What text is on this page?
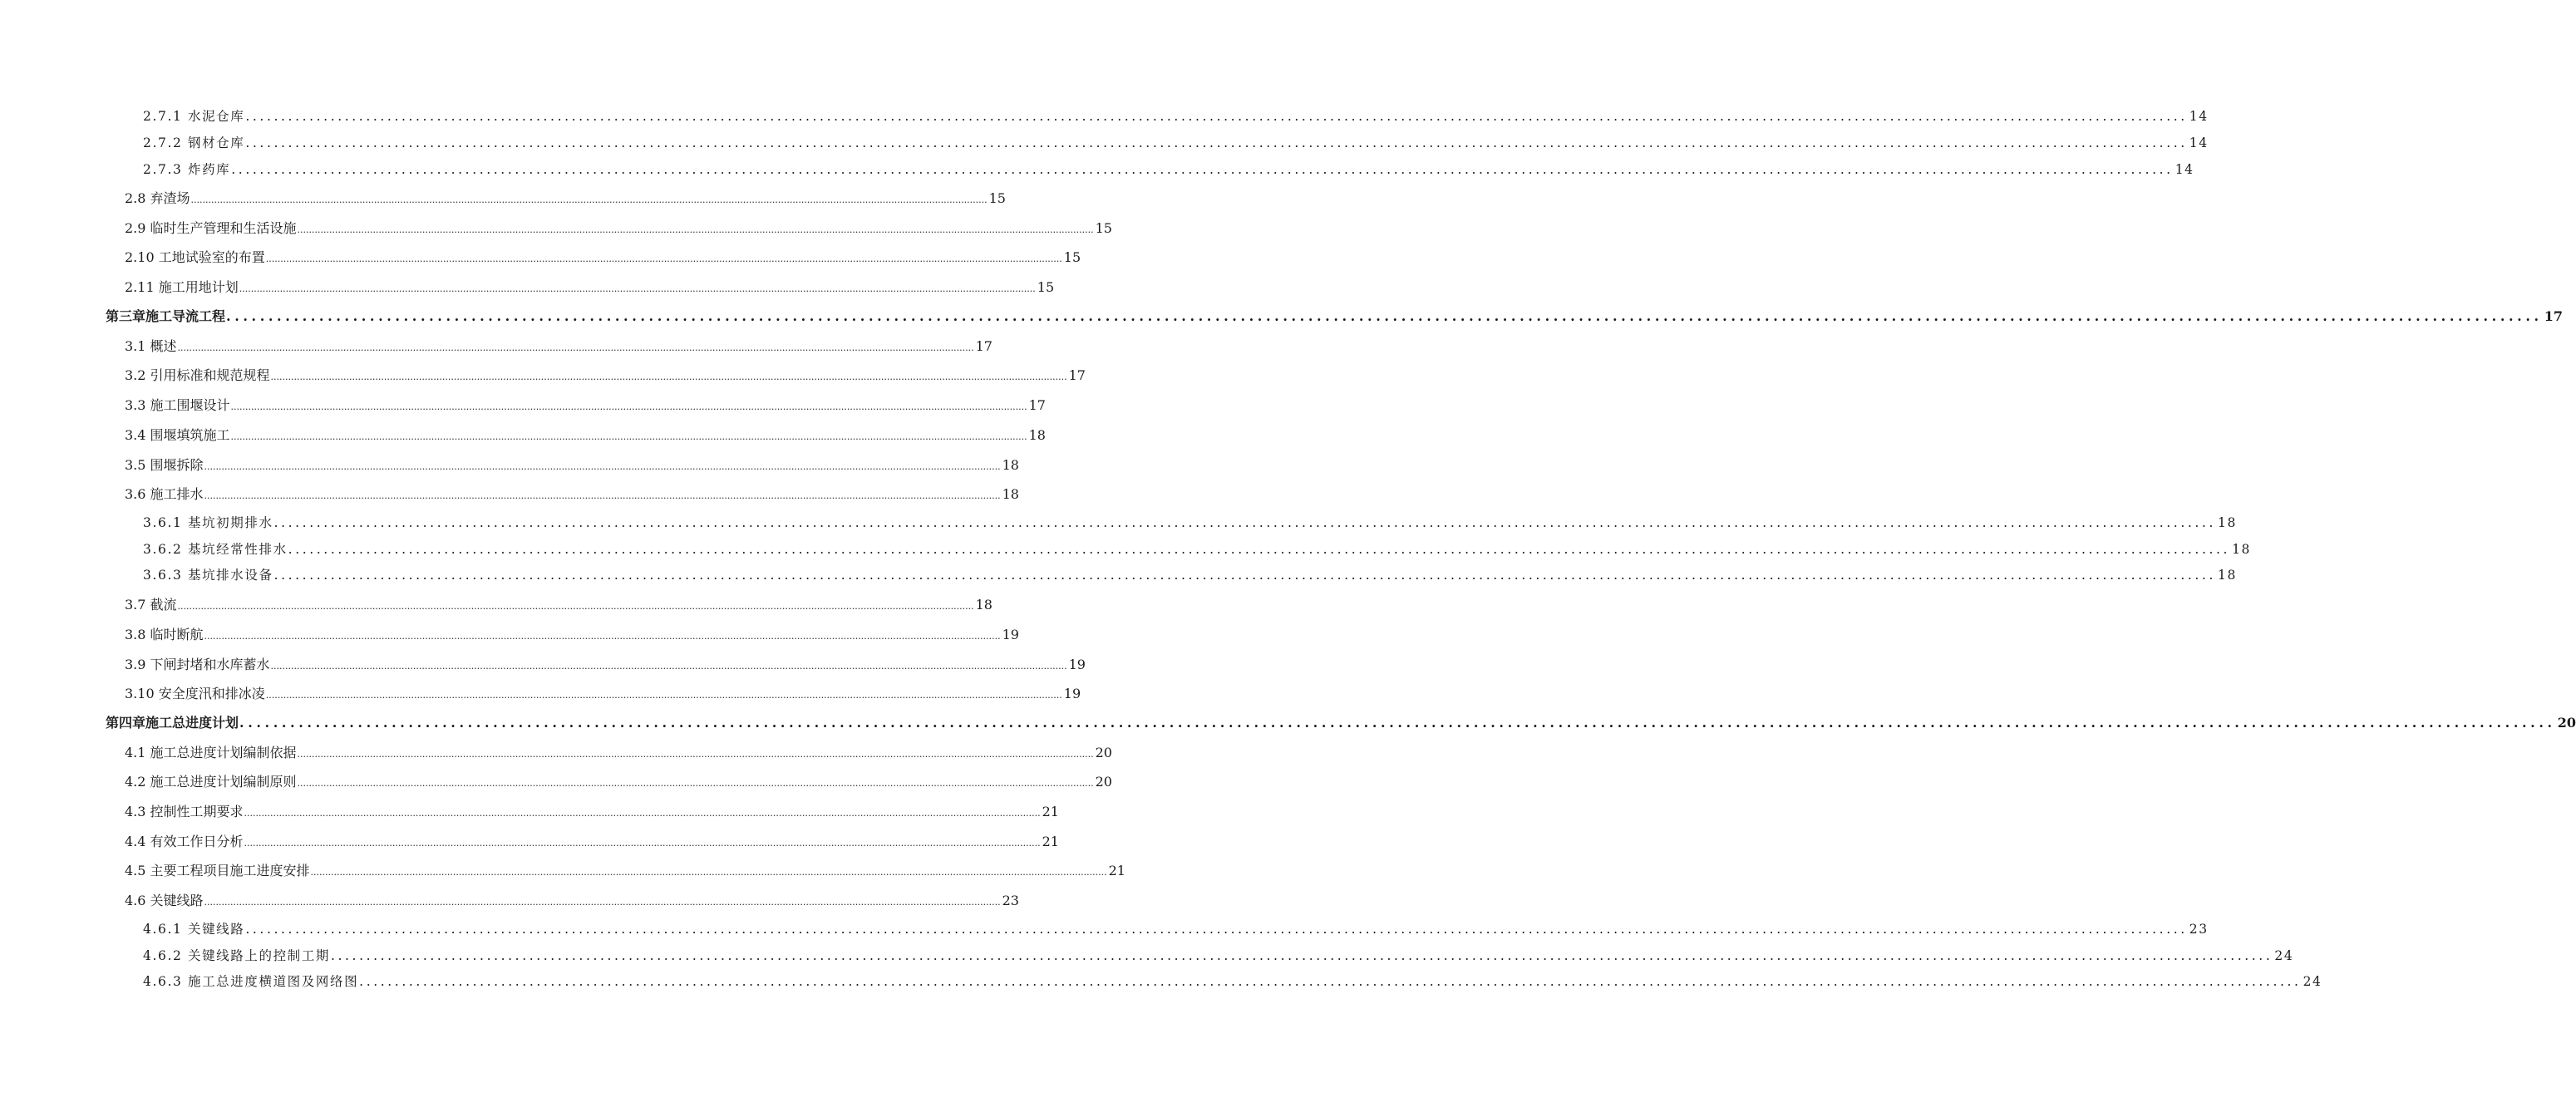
2.7.1 水泥仓库 .................................................................................................................................................................................................................................................................................. 14
2.7.2 钢材仓库 .................................................................................................................................................................................................................................................................................. 14
2.7.3 炸药库 .................................................................................................................................................................................................................................................................................. 14
2.8 弃渣场 .................................................................................................................................................................................................................................................................................. 15
2.9 临时生产管理和生活设施 .................................................................................................................................................................................................................................................................................. 15
2.10 工地试验室的布置 .................................................................................................................................................................................................................................................................................. 15
2.11 施工用地计划 .................................................................................................................................................................................................................................................................................. 15
第三章 施工导流工程 .................................................................................................................................................................................................................................................................................. 17
3.1 概述 .................................................................................................................................................................................................................................................................................. 17
3.2 引用标准和规范规程 .................................................................................................................................................................................................................................................................................. 17
3.3 施工围堰设计 .................................................................................................................................................................................................................................................................................. 17
3.4 围堰填筑施工 .................................................................................................................................................................................................................................................................................. 18
3.5 围堰拆除 .................................................................................................................................................................................................................................................................................. 18
3.6 施工排水 .................................................................................................................................................................................................................................................................................. 18
3.6.1 基坑初期排水 .................................................................................................................................................................................................................................................................................. 18
3.6.2 基坑经常性排水 .................................................................................................................................................................................................................................................................................. 18
3.6.3 基坑排水设备 .................................................................................................................................................................................................................................................................................. 18
3.7 截流 .................................................................................................................................................................................................................................................................................. 18
3.8 临时断航 .................................................................................................................................................................................................................................................................................. 19
3.9 下闸封堵和水库蓄水 .................................................................................................................................................................................................................................................................................. 19
3.10 安全度汛和排冰凌 .................................................................................................................................................................................................................................................................................. 19
第四章 施工总进度计划 .................................................................................................................................................................................................................................................................................. 20
4.1 施工总进度计划编制依据 .................................................................................................................................................................................................................................................................................. 20
4.2 施工总进度计划编制原则 .................................................................................................................................................................................................................................................................................. 20
4.3 控制性工期要求 .................................................................................................................................................................................................................................................................................. 21
4.4 有效工作日分析 .................................................................................................................................................................................................................................................................................. 21
4.5 主要工程项目施工进度安排 .................................................................................................................................................................................................................................................................................. 21
4.6 关键线路 .................................................................................................................................................................................................................................................................................. 23
4.6.1 关键线路 .................................................................................................................................................................................................................................................................................. 23
4.6.2 关键线路上的控制工期 .................................................................................................................................................................................................................................................................................. 24
4.6.3 施工总进度横道图及网络图 .................................................................................................................................................................................................................................................................................. 24
